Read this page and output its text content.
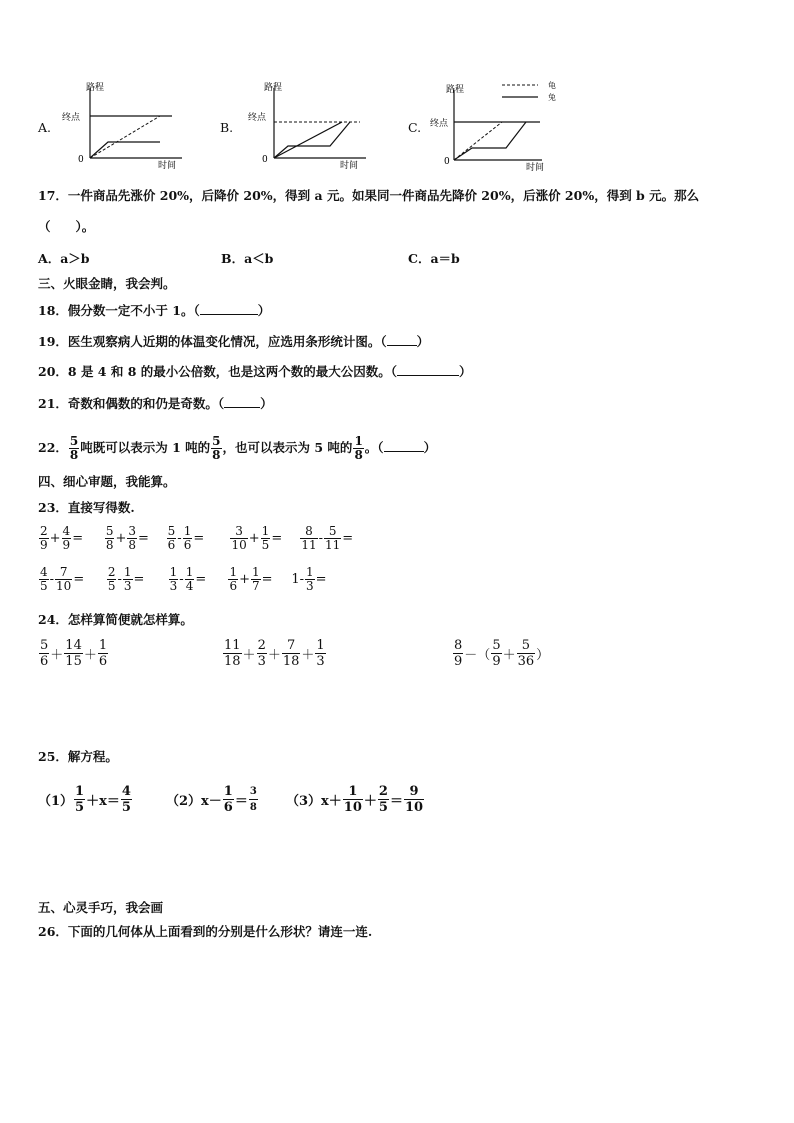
A.
路程
终点
0
时间
B.
路程
终点
0
时间
C.
路程
终点
0
时间
龟
兔
17．一件商品先涨价 20%，后降价 20%，得到 a 元。如果同一件商品先降价 20%，后涨价 20%，得到 b 元。那么
（　　）。
A．a＞b	B．a＜b	C．a＝b
三、火眼金睛，我会判。
18．假分数一定不小于 1。（	）
19．医生观察病人近期的体温变化情况，应选用条形统计图。（ ）
20．8 是 4 和 8 的最小公倍数，也是这两个数的最大公因数。（	）
21．奇数和偶数的和仍是奇数。（	）
22． $\frac{5}{8}$ 吨既可以表示为 1 吨的 $\frac{5}{8}$ ，也可以表示为 5 吨的 $\frac{1}{8}$ 。（	）
四、细心审题，我能算。
23．直接写得数.
$\frac{2}{9} + \frac{4}{9} = \frac{5}{8} + \frac{3}{8} = \frac{5}{6} - \frac{1}{6} = \frac{3}{10} + \frac{1}{5} = \frac{8}{11} - \frac{5}{11}$ =
$\frac{4}{5} - \frac{7}{10} = \frac{2}{5} - \frac{1}{3} = \frac{1}{3} - \frac{1}{4} = \frac{1}{6} + \frac{1}{7} = 1- \frac{1}{3}$ =
24．怎样算简便就怎样算。
$\frac{5}{6} + \frac{14}{15} + \frac{1}{6}$	$\frac{11}{18} + \frac{2}{3} + \frac{7}{18} + \frac{1}{3}$	$\frac{8}{9}$ －（ $\frac{5}{9} + \frac{5}{36}$ ）
25．解方程。
$(1) \frac{1}{5} +x= \frac{4}{5}$	$(2)x- \frac{1}{6} = \frac{3}{8} (3)x+ \frac{1}{10} + \frac{2}{5} = \frac{9}{10}$
五、心灵手巧，我会画
26．下面的几何体从上面看到的分别是什么形状？请连一连.
